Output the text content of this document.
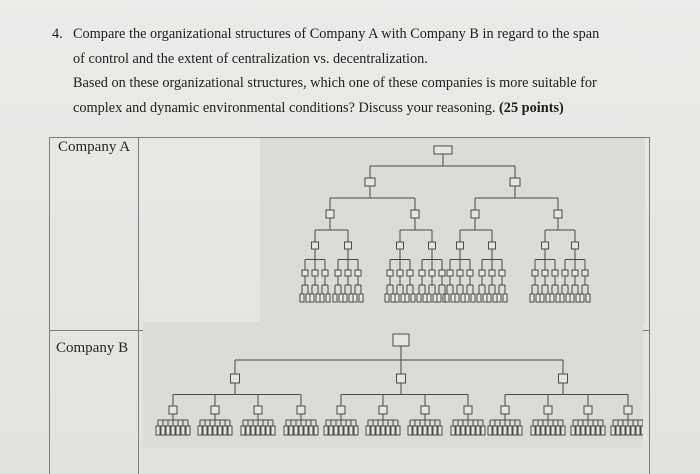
4. Compare the organizational structures of Company A with Company B in regard to the span
of control and the extent of centralization vs. decentralization.
Based on these organizational structures, which one of these companies is more suitable for
complex and dynamic environmental conditions? Discuss your reasoning. (25 points)
Company A
Company B
